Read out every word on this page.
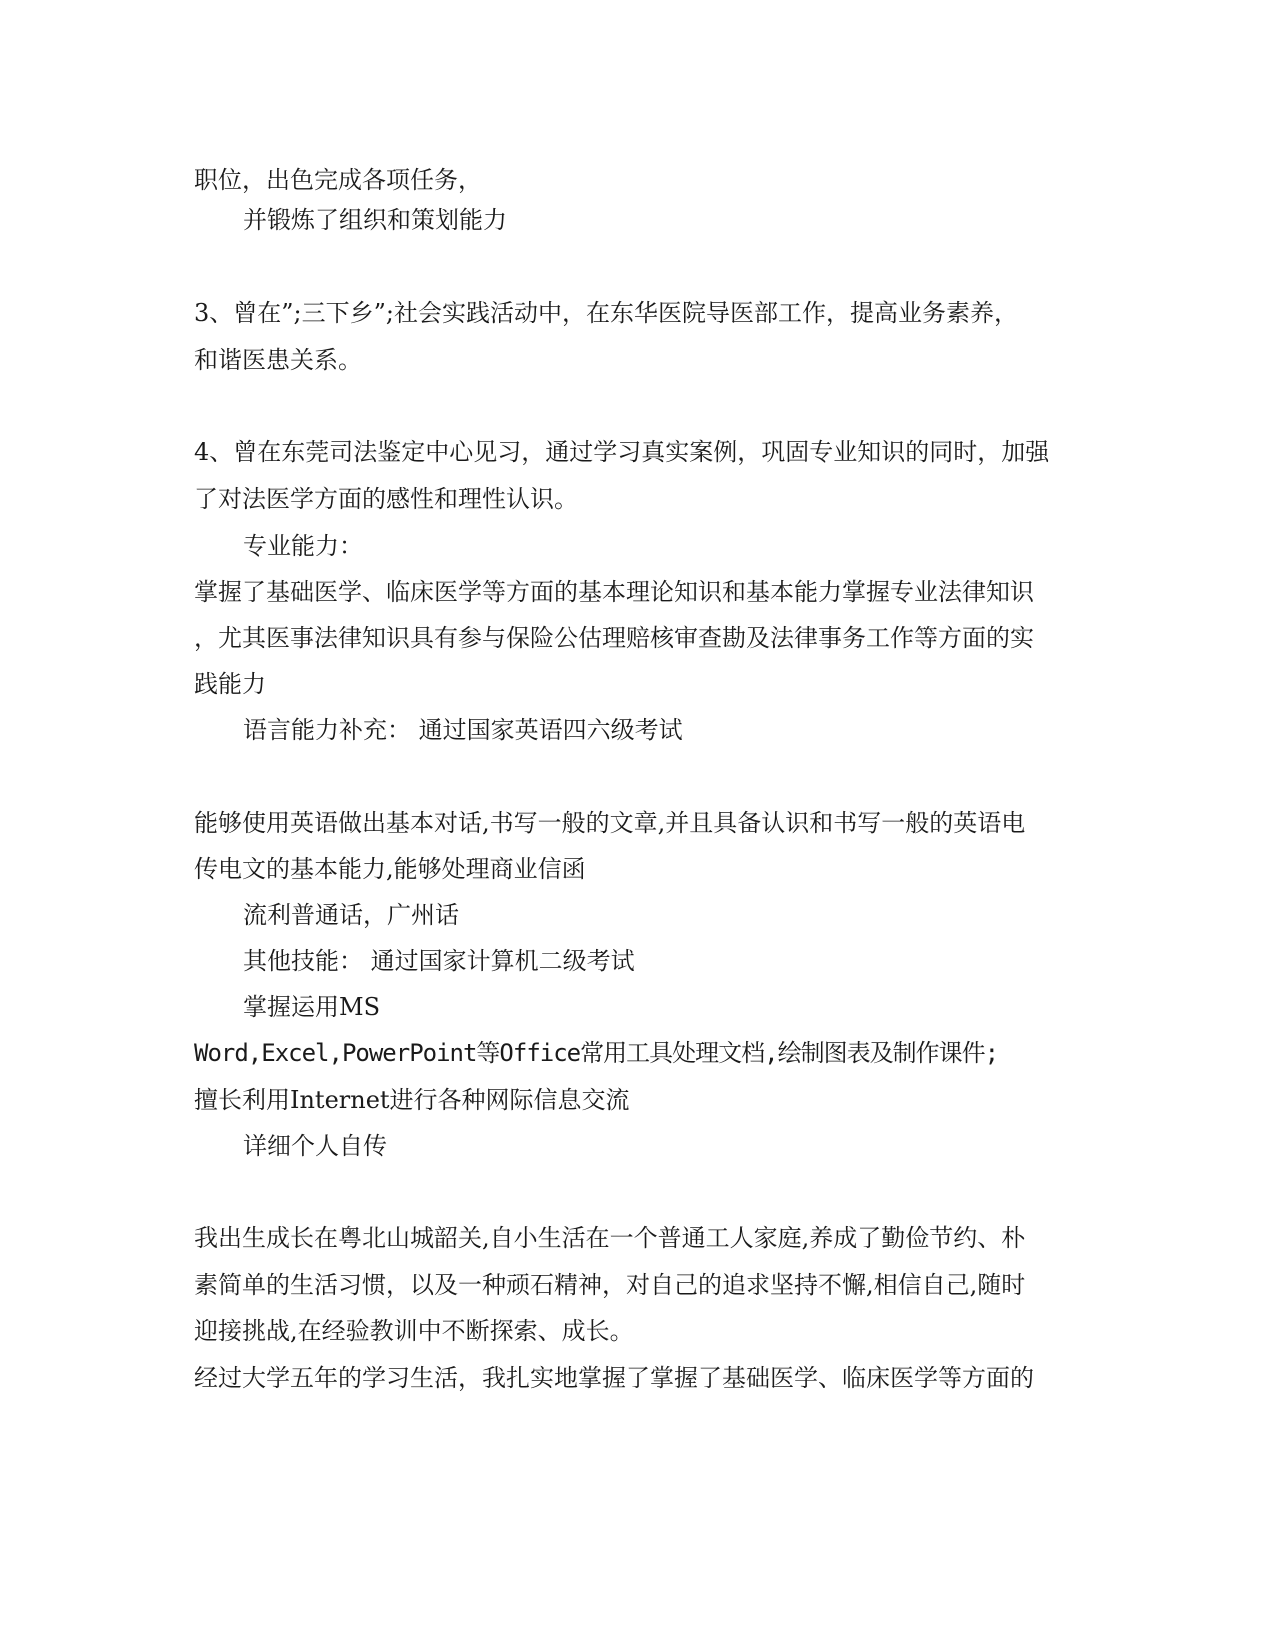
职位，出色完成各项任务，
并锻炼了组织和策划能力
3、曾在”;三下乡”;社会实践活动中，在东华医院导医部工作，提高业务素养，
和谐医患关系。
4、曾在东莞司法鉴定中心见习，通过学习真实案例，巩固专业知识的同时，加强
了对法医学方面的感性和理性认识。
专业能力：
掌握了基础医学、临床医学等方面的基本理论知识和基本能力掌握专业法律知识
，尤其医事法律知识具有参与保险公估理赔核审查勘及法律事务工作等方面的实
践能力
语言能力补充： 通过国家英语四六级考试
能够使用英语做出基本对话,书写一般的文章,并且具备认识和书写一般的英语电
传电文的基本能力,能够处理商业信函
流利普通话，广州话
其他技能： 通过国家计算机二级考试
掌握运用MS
Word,Excel,PowerPoint等Office常用工具处理文档,绘制图表及制作课件;
擅长利用Internet进行各种网际信息交流
详细个人自传
我出生成长在粤北山城韶关,自小生活在一个普通工人家庭,养成了勤俭节约、朴
素简单的生活习惯，以及一种顽石精神，对自己的追求坚持不懈,相信自己,随时
迎接挑战,在经验教训中不断探索、成长。
经过大学五年的学习生活，我扎实地掌握了掌握了基础医学、临床医学等方面的
